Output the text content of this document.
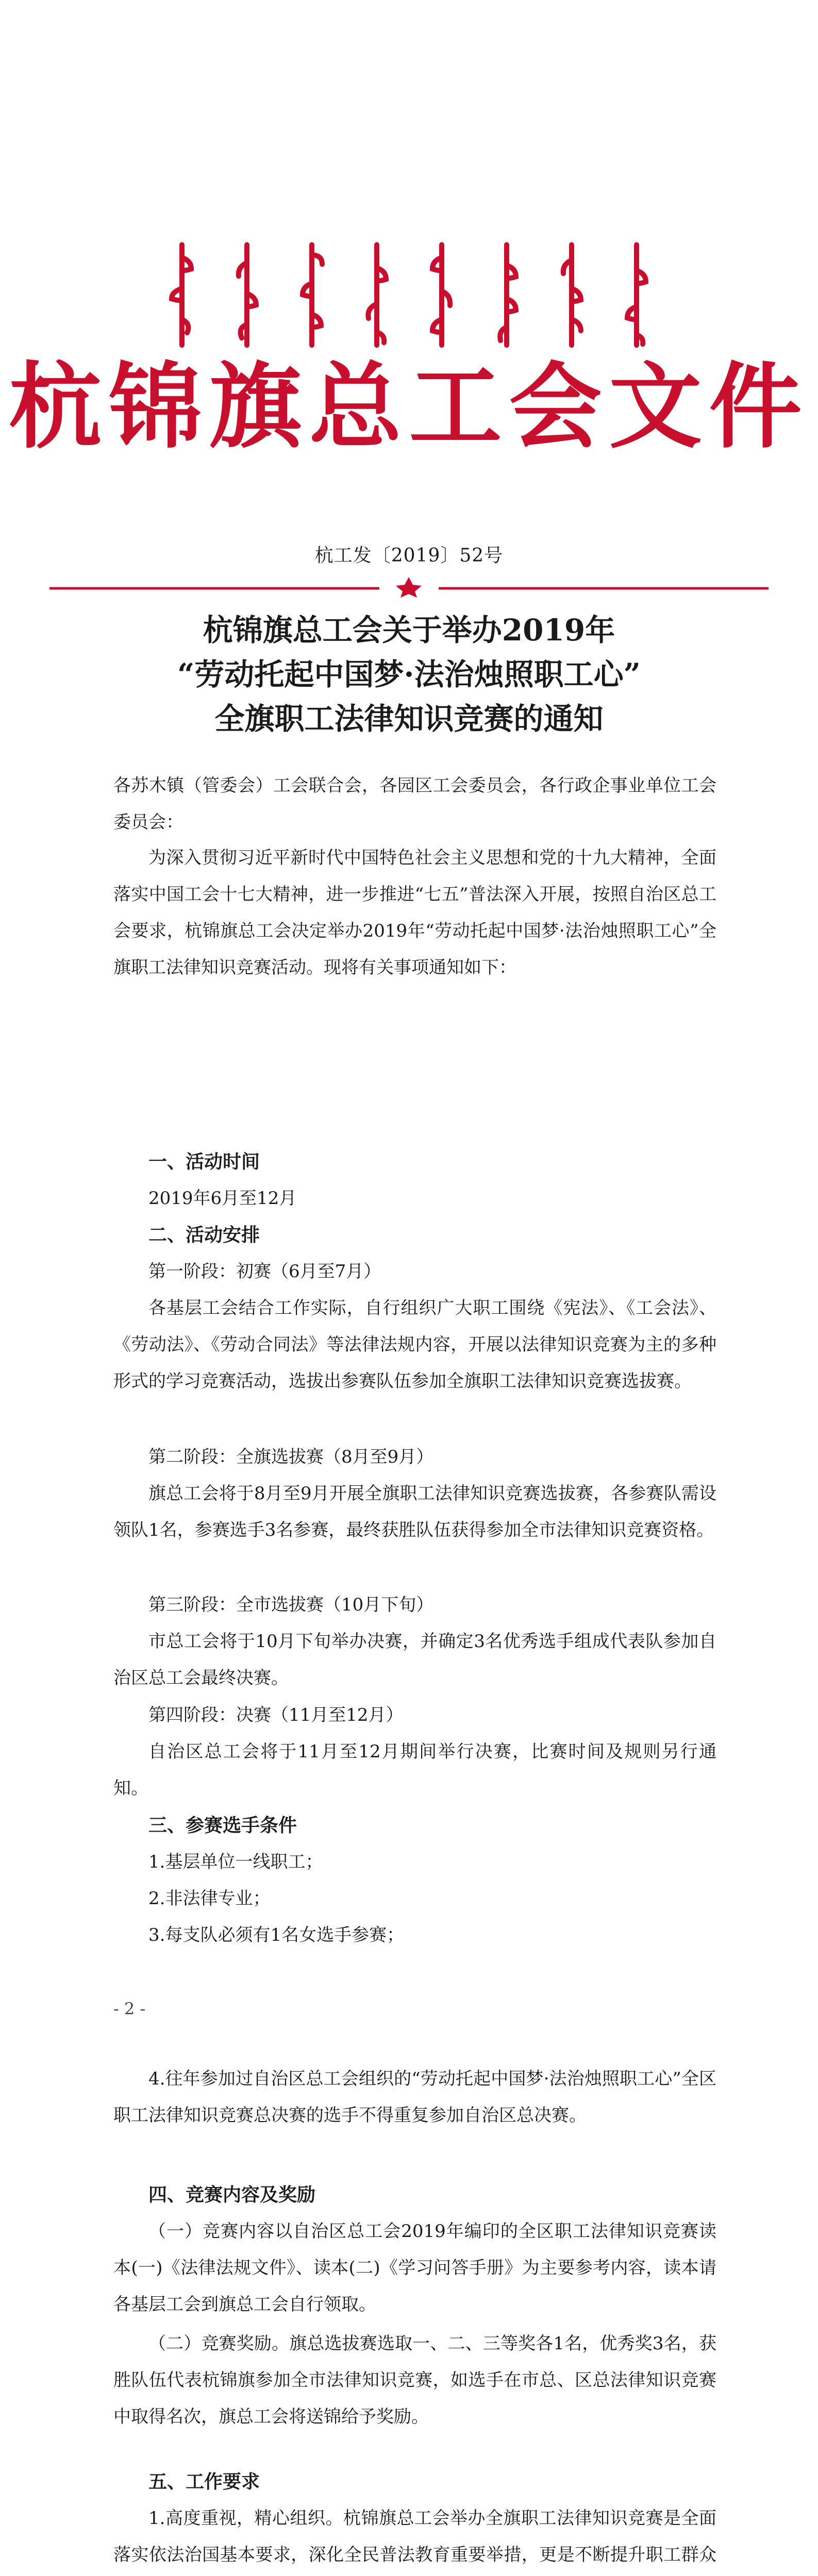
杭锦旗总工会文件
杭工发〔2019〕52号
杭锦旗总工会关于举办2019年
“劳动托起中国梦·法治烛照职工心”
全旗职工法律知识竞赛的通知
各苏木镇（管委会）工会联合会，各园区工会委员会，各行政企事业单位工会委员会：
为深入贯彻习近平新时代中国特色社会主义思想和党的十九大精神，全面落实中国工会十七大精神，进一步推进“七五”普法深入开展，按照自治区总工会要求，杭锦旗总工会决定举办2019年“劳动托起中国梦·法治烛照职工心”全旗职工法律知识竞赛活动。现将有关事项通知如下：
一、活动时间
2019年6月至12月
二、活动安排
第一阶段：初赛（6月至7月）
各基层工会结合工作实际，自行组织广大职工围绕《宪法》、《工会法》、《劳动法》、《劳动合同法》等法律法规内容，开展以法律知识竞赛为主的多种形式的学习竞赛活动，选拔出参赛队伍参加全旗职工法律知识竞赛选拔赛。
第二阶段：全旗选拔赛（8月至9月）
旗总工会将于8月至9月开展全旗职工法律知识竞赛选拔赛，各参赛队需设领队1名，参赛选手3名参赛，最终获胜队伍获得参加全市法律知识竞赛资格。
第三阶段：全市选拔赛（10月下旬）
市总工会将于10月下旬举办决赛，并确定3名优秀选手组成代表队参加自治区总工会最终决赛。
第四阶段：决赛（11月至12月）
自治区总工会将于11月至12月期间举行决赛，比赛时间及规则另行通知。
三、参赛选手条件
1.基层单位一线职工；
2.非法律专业；
3.每支队必须有1名女选手参赛；
- 2 -
4.往年参加过自治区总工会组织的“劳动托起中国梦·法治烛照职工心”全区职工法律知识竞赛总决赛的选手不得重复参加自治区总决赛。
四、竞赛内容及奖励
（一）竞赛内容以自治区总工会2019年编印的全区职工法律知识竞赛读本(一)《法律法规文件》、读本(二)《学习问答手册》为主要参考内容，读本请各基层工会到旗总工会自行领取。
（二）竞赛奖励。旗总选拔赛选取一、二、三等奖各1名，优秀奖3名，获胜队伍代表杭锦旗参加全市法律知识竞赛，如选手在市总、区总法律知识竞赛中取得名次，旗总工会将送锦给予奖励。
五、工作要求
1.高度重视，精心组织。杭锦旗总工会举办全旗职工法律知识竞赛是全面落实依法治国基本要求，深化全民普法教育重要举措，更是不断提升职工群众
